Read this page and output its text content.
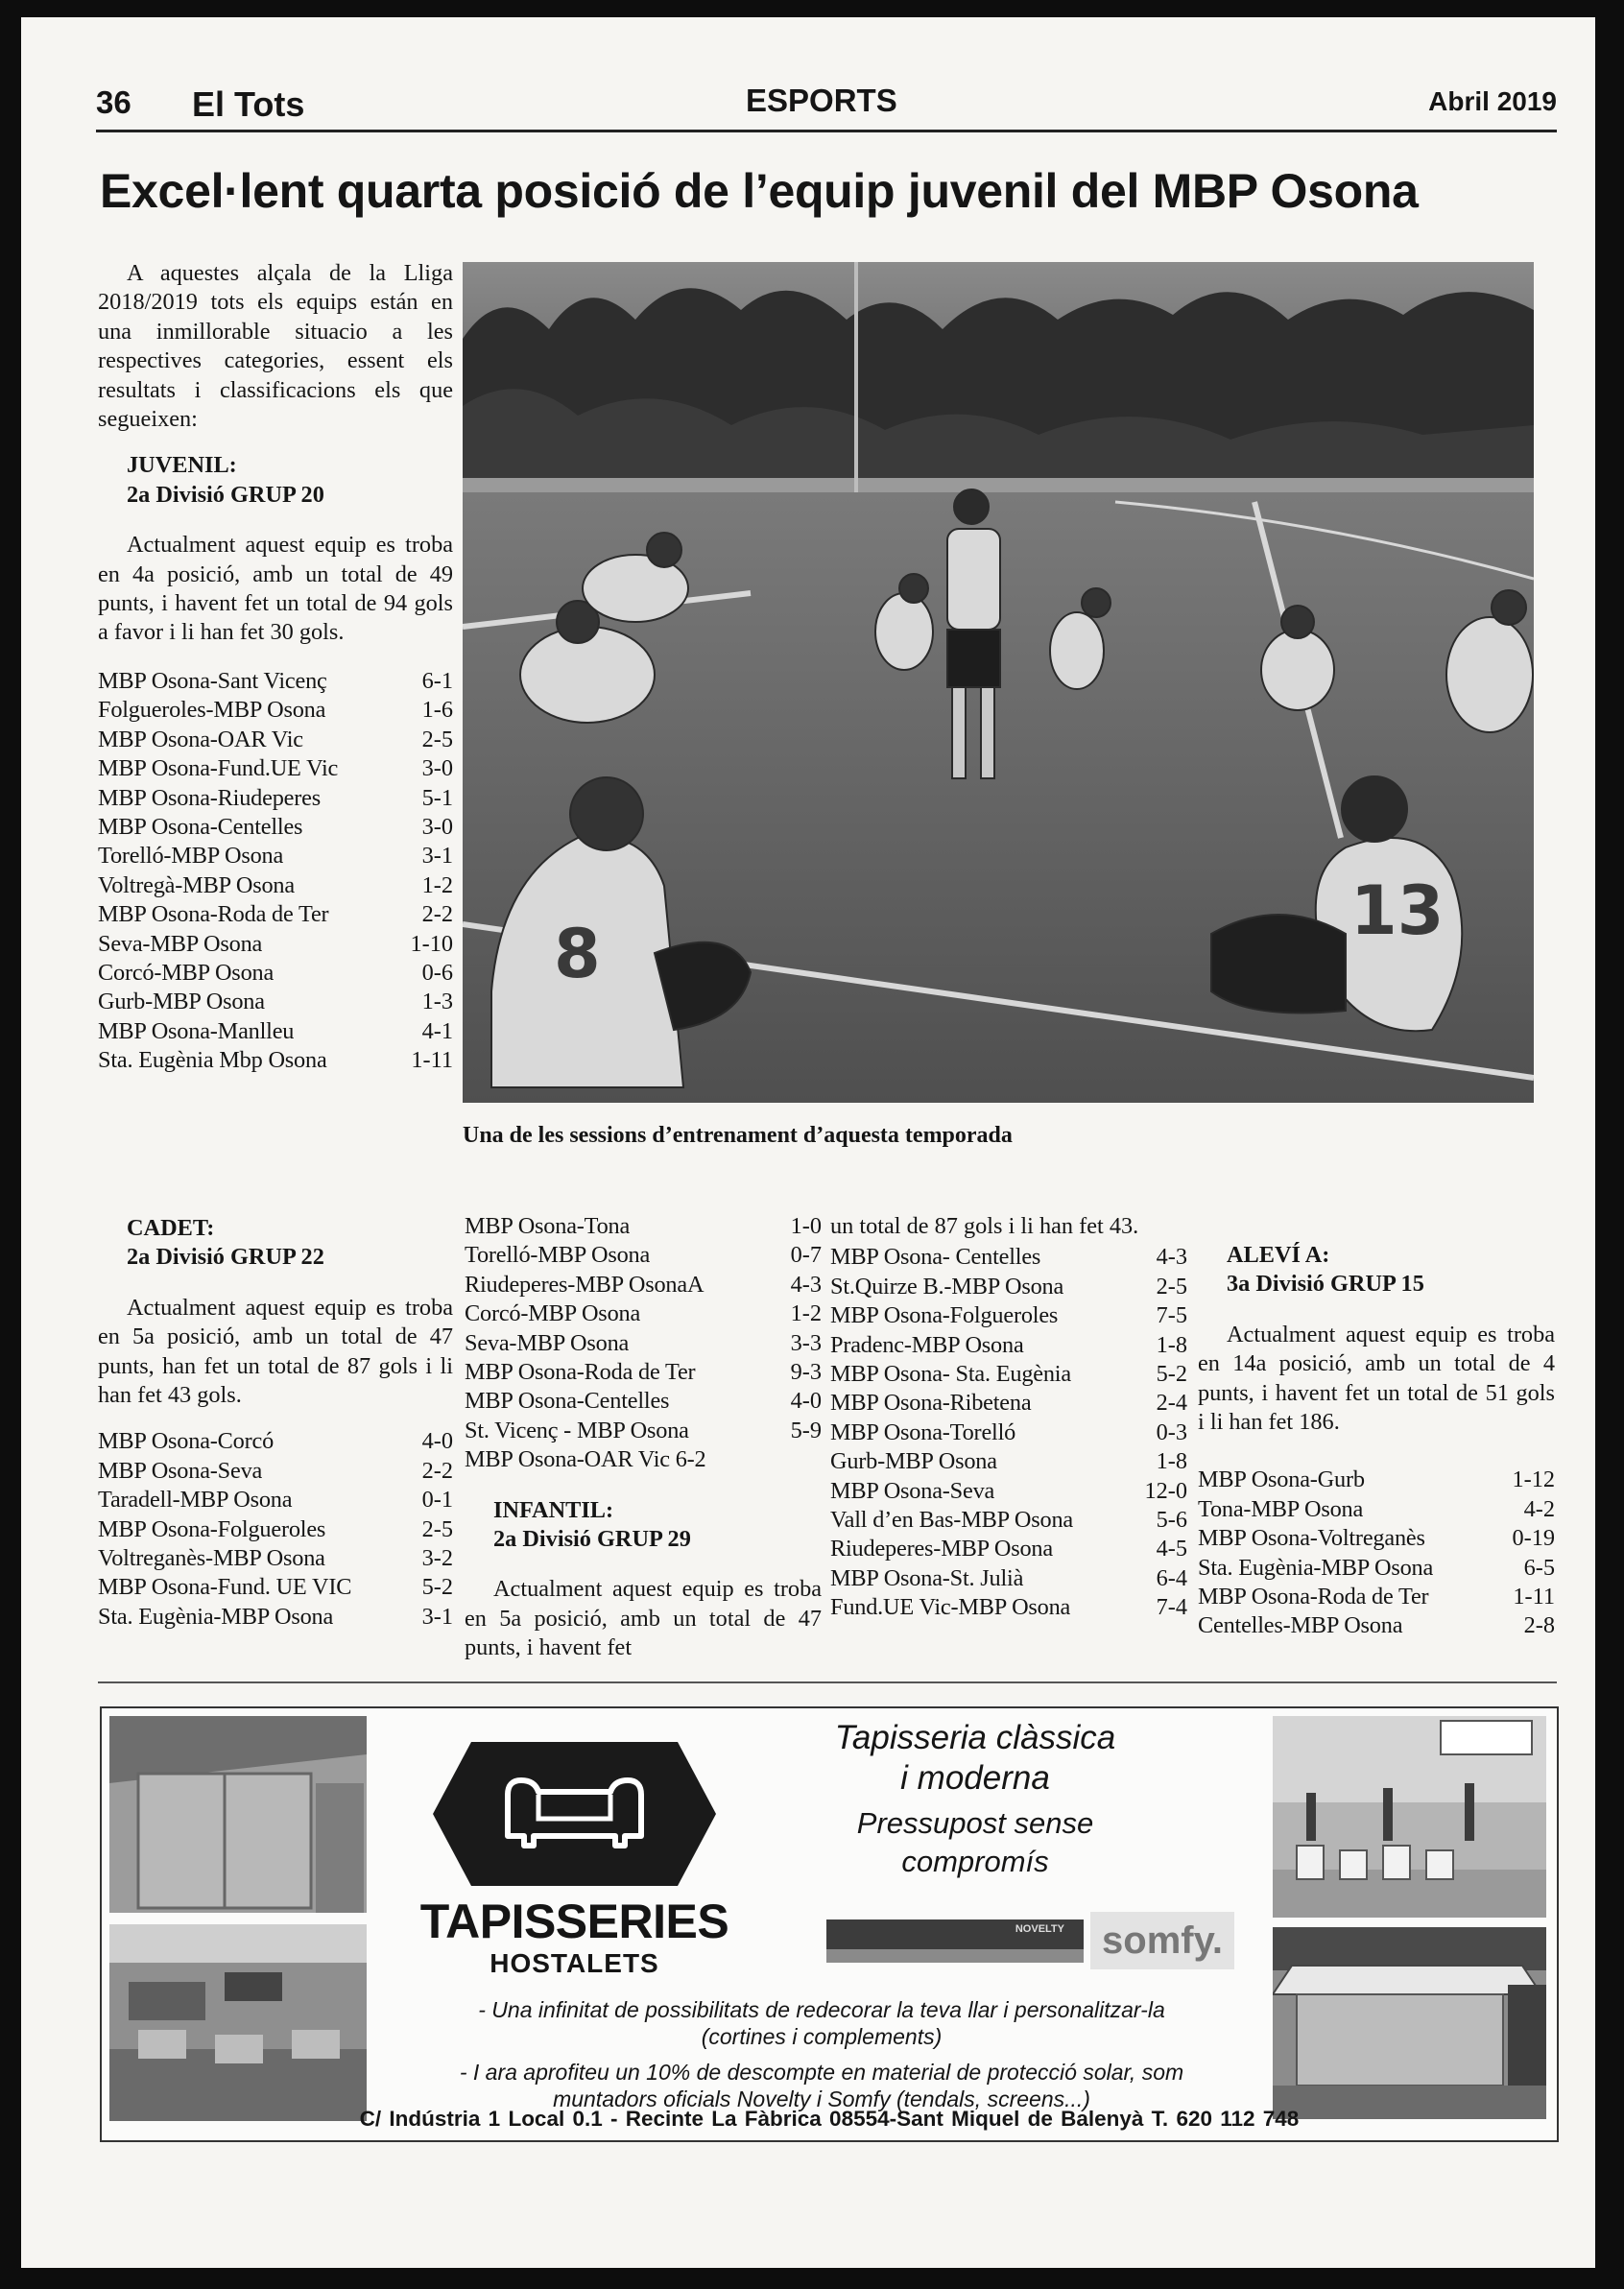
36 El Tots	ESPORTS	Abril 2019
Excel·lent quarta posició de l’equip juvenil del MBP Osona

A aquestes alçala de la Lliga 2018/2019 tots els equips están en una inmillorable situacio a les respectives categories, essent els resultats i classificacions els que segueixen:

JUVENIL:

2a Divisió GRUP 20

Actualment aquest equip es troba en 4a posició, amb un total de 49 punts, i havent fet un total de 94 gols a favor i li han fet 30 gols.

MBP Osona-Sant Vicenç	6-1
Folgueroles-MBP Osona	1-6
MBP Osona-OAR Vic	2-5
MBP Osona-Fund.UE Vic	3-0
MBP Osona-Riudeperes	5-1
MBP Osona-Centelles	3-0
Torelló-MBP Osona	3-1
Voltregà-MBP Osona	1-2
MBP Osona-Roda de Ter	2-2
Seva-MBP Osona	1-10
Corcó-MBP Osona	0-6
Gurb-MBP Osona	1-3
MBP Osona-Manlleu	4-1
Sta. Eugènia Mbp Osona	1-11
8
13
Una de les sessions d’entrenament d’aquesta temporada

CADET:

2a Divisió GRUP 22

Actualment aquest equip es troba en 5a posició, amb un total de 47 punts, han fet un total de 87 gols i li han fet 43 gols.

MBP Osona-Corcó	4-0
MBP Osona-Seva	2-2
Taradell-MBP Osona	0-1
MBP Osona-Folgueroles	2-5
Voltreganès-MBP Osona	3-2
MBP Osona-Fund. UE VIC	5-2
Sta. Eugènia-MBP Osona	3-1
MBP Osona-Tona	1-0
Torelló-MBP Osona	0-7
Riudeperes-MBP OsonaA	4-3
Corcó-MBP Osona	1-2
Seva-MBP Osona	3-3
MBP Osona-Roda de Ter	9-3
MBP Osona-Centelles	4-0
St. Vicenç - MBP Osona	5-9
MBP Osona-OAR Vic 6-2

INFANTIL:

2a Divisió GRUP 29

Actualment aquest equip es troba en 5a posició, amb un total de 47 punts, i havent fet

un total de 87 gols i li han fet 43.

MBP Osona- Centelles	4-3
St.Quirze B.-MBP Osona	2-5
MBP Osona-Folgueroles	7-5
Pradenc-MBP Osona	1-8
MBP Osona- Sta. Eugènia	5-2
MBP Osona-Ribetena	2-4
MBP Osona-Torelló	0-3
Gurb-MBP Osona	1-8
MBP Osona-Seva	12-0
Vall d’en Bas-MBP Osona	5-6
Riudeperes-MBP Osona	4-5
MBP Osona-St. Julià	6-4
Fund.UE Vic-MBP Osona	7-4

ALEVÍ A:

3a Divisió GRUP 15

Actualment aquest equip es troba en 14a posició, amb un total de 4 punts, i havent fet un total de 51 gols i li han fet 186.

MBP Osona-Gurb	1-12
Tona-MBP Osona	4-2
MBP Osona-Voltreganès	0-19
Sta. Eugènia-MBP Osona	6-5
MBP Osona-Roda de Ter	1-11
Centelles-MBP Osona	2-8
TAPISSERIES
HOSTALETS
Tapisseria clàssica
i moderna
Pressupost sense
compromís
NOVELTY somfy.
- Una infinitat de possibilitats de redecorar la teva llar i personalitzar-la
(cortines i complements)
- I ara aprofiteu un 10% de descompte en material de protecció solar, som
muntadors oficials Novelty i Somfy (tendals, screens...)
C/ Indústria 1 Local 0.1 - Recinte La Fàbrica 08554-Sant Miquel de Balenyà T. 620 112 748
